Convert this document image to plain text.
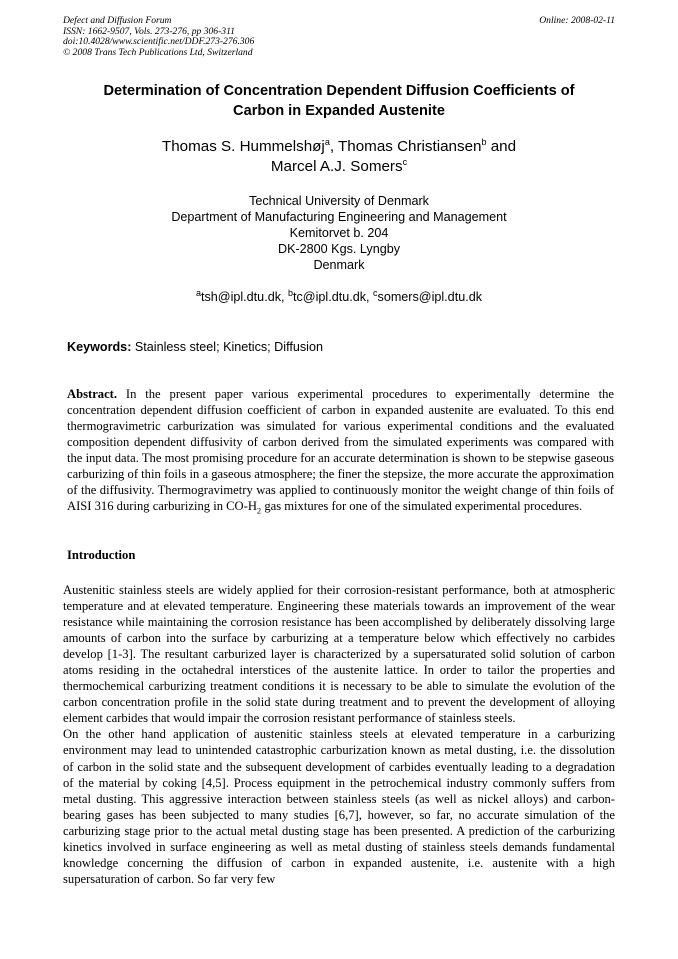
Defect and Diffusion Forum
ISSN: 1662-9507, Vols. 273-276, pp 306-311
doi:10.4028/www.scientific.net/DDF.273-276.306
© 2008 Trans Tech Publications Ltd, Switzerland
Online: 2008-02-11
Determination of Concentration Dependent Diffusion Coefficients of
Carbon in Expanded Austenite
Thomas S. Hummelshøj$^a$, Thomas Christiansen$^b$ and
Marcel A.J. Somers$^c$
Technical University of Denmark
Department of Manufacturing Engineering and Management
Kemitorvet b. 204
DK-2800 Kgs. Lyngby
Denmark
$^a$tsh@ipl.dtu.dk, $^b$tc@ipl.dtu.dk, $^c$somers@ipl.dtu.dk
Keywords: Stainless steel; Kinetics; Diffusion
Abstract. In the present paper various experimental procedures to experimentally determine the concentration dependent diffusion coefficient of carbon in expanded austenite are evaluated. To this end thermogravimetric carburization was simulated for various experimental conditions and the evaluated composition dependent diffusivity of carbon derived from the simulated experiments was compared with the input data. The most promising procedure for an accurate determination is shown to be stepwise gaseous carburizing of thin foils in a gaseous atmosphere; the finer the stepsize, the more accurate the approximation of the diffusivity. Thermogravimetry was applied to continuously monitor the weight change of thin foils of AISI 316 during carburizing in $CO-H_2$ gas mixtures for one of the simulated experimental procedures.
Introduction

Austenitic stainless steels are widely applied for their corrosion-resistant performance, both at atmospheric temperature and at elevated temperature. Engineering these materials towards an improvement of the wear resistance while maintaining the corrosion resistance has been accomplished by deliberately dissolving large amounts of carbon into the surface by carburizing at a temperature below which effectively no carbides develop [1-3]. The resultant carburized layer is characterized by a supersaturated solid solution of carbon atoms residing in the octahedral interstices of the austenite lattice. In order to tailor the properties and thermochemical carburizing treatment conditions it is necessary to be able to simulate the evolution of the carbon concentration profile in the solid state during treatment and to prevent the development of alloying element carbides that would impair the corrosion resistant performance of stainless steels.

On the other hand application of austenitic stainless steels at elevated temperature in a carburizing environment may lead to unintended catastrophic carburization known as metal dusting, i.e. the dissolution of carbon in the solid state and the subsequent development of carbides eventually leading to a degradation of the material by coking [4,5]. Process equipment in the petrochemical industry commonly suffers from metal dusting. This aggressive interaction between stainless steels (as well as nickel alloys) and carbon-bearing gases has been subjected to many studies [6,7], however, so far, no accurate simulation of the carburizing stage prior to the actual metal dusting stage has been presented. A prediction of the carburizing kinetics involved in surface engineering as well as metal dusting of stainless steels demands fundamental knowledge concerning the diffusion of carbon in expanded austenite, i.e. austenite with a high supersaturation of carbon. So far very few
